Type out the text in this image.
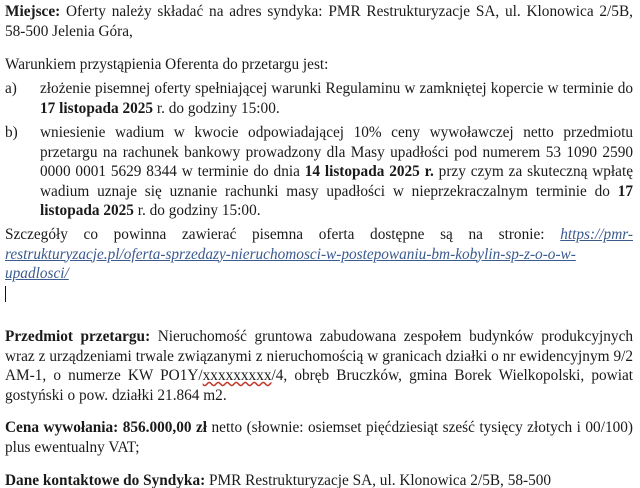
Miejsce: Oferty należy składać na adres syndyka: PMR Restrukturyzacje SA, ul. Klonowica 2/5B, 58-500 Jelenia Góra,

Warunkiem przystąpienia Oferenta do przetargu jest:

a) złożenie pisemnej oferty spełniającej warunki Regulaminu w zamkniętej kopercie w terminie do 17 listopada 2025 r. do godziny 15:00.

b) wniesienie wadium w kwocie odpowiadającej 10% ceny wywoławczej netto przedmiotu przetargu na rachunek bankowy prowadzony dla Masy upadłości pod numerem 53 1090 2590 0000 0001 5629 8344 w terminie do dnia 14 listopada 2025 r. przy czym za skuteczną wpłatę wadium uznaje się uznanie rachunki masy upadłości w nieprzekraczalnym terminie do 17 listopada 2025 r. do godziny 15:00.

Szczegóły co powinna zawierać pisemna oferta dostępne są na stronie: https://pmr-restrukturyzacje.pl/oferta-sprzedazy-nieruchomosci-w-postepowaniu-bm-kobylin-sp-z-o-o-w-upadlosci/

Przedmiot przetargu: Nieruchomość gruntowa zabudowana zespołem budynków produkcyjnych wraz z urządzeniami trwale związanymi z nieruchomością w granicach działki o nr ewidencyjnym 9/2 AM-1, o numerze KW PO1Y/xxxxxxxxx/4, obręb Bruczków, gmina Borek Wielkopolski, powiat gostyński o pow. działki 21.864 m2.

Cena wywołania: 856.000,00 zł netto (słownie: osiemset pięćdziesiąt sześć tysięcy złotych i 00/100) plus ewentualny VAT;

Dane kontaktowe do Syndyka: PMR Restrukturyzacje SA, ul. Klonowica 2/5B, 58-500
